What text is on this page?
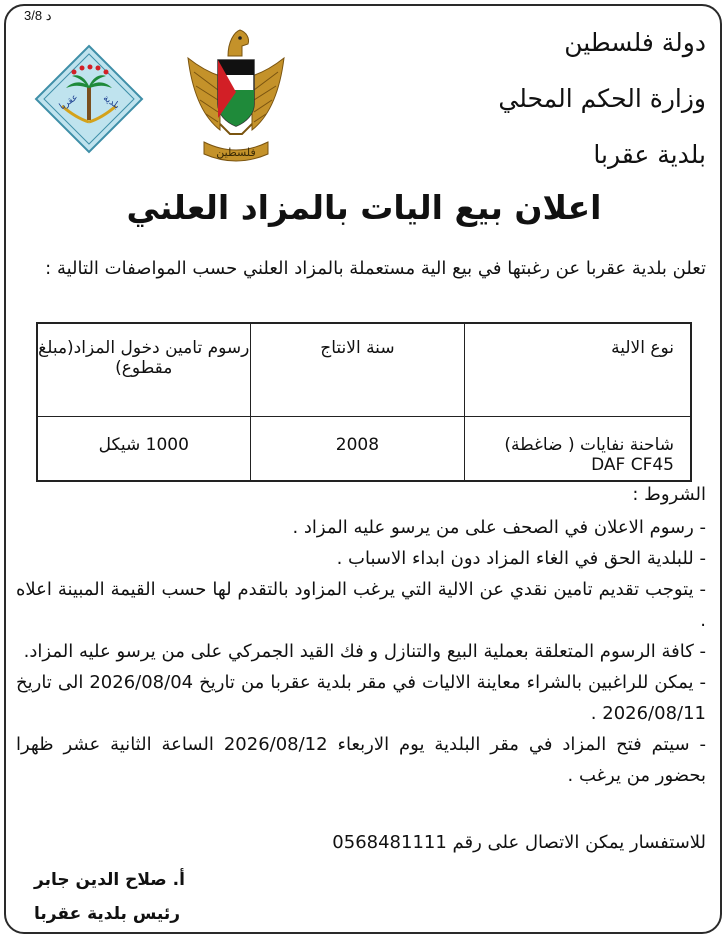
3/8 د
دولة فلسطين
وزارة الحكم المحلي
بلدية عقربا
فلسطين
عقربا بلدية
اعلان بيع اليات بالمزاد العلني
تعلن بلدية عقربا عن رغبتها في بيع الية مستعملة بالمزاد العلني حسب المواصفات التالية :
نوع الالية	سنة الانتاج	رسوم تامين دخول المزاد(مبلغ مقطوع)
شاحنة نفايات ( ضاغطة) DAF CF45	2008	1000 شيكل
الشروط :

- رسوم الاعلان في الصحف على من يرسو عليه المزاد .

- للبلدية الحق في الغاء المزاد دون ابداء الاسباب .

- يتوجب تقديم تامين نقدي عن الالية التي يرغب المزاود بالتقدم لها حسب القيمة المبينة اعلاه .

- كافة الرسوم المتعلقة بعملية البيع والتنازل و فك القيد الجمركي على من يرسو عليه المزاد.

- يمكن للراغبين بالشراء معاينة الاليات في مقر بلدية عقربا من تاريخ 2026/08/04 الى تاريخ 2026/08/11 .

- سيتم فتح المزاد في مقر البلدية يوم الاربعاء 2026/08/12 الساعة الثانية عشر ظهرا بحضور من يرغب .

للاستفسار يمكن الاتصال على رقم 0568481111
أ. صلاح الدين جابر
رئيس بلدية عقربا
